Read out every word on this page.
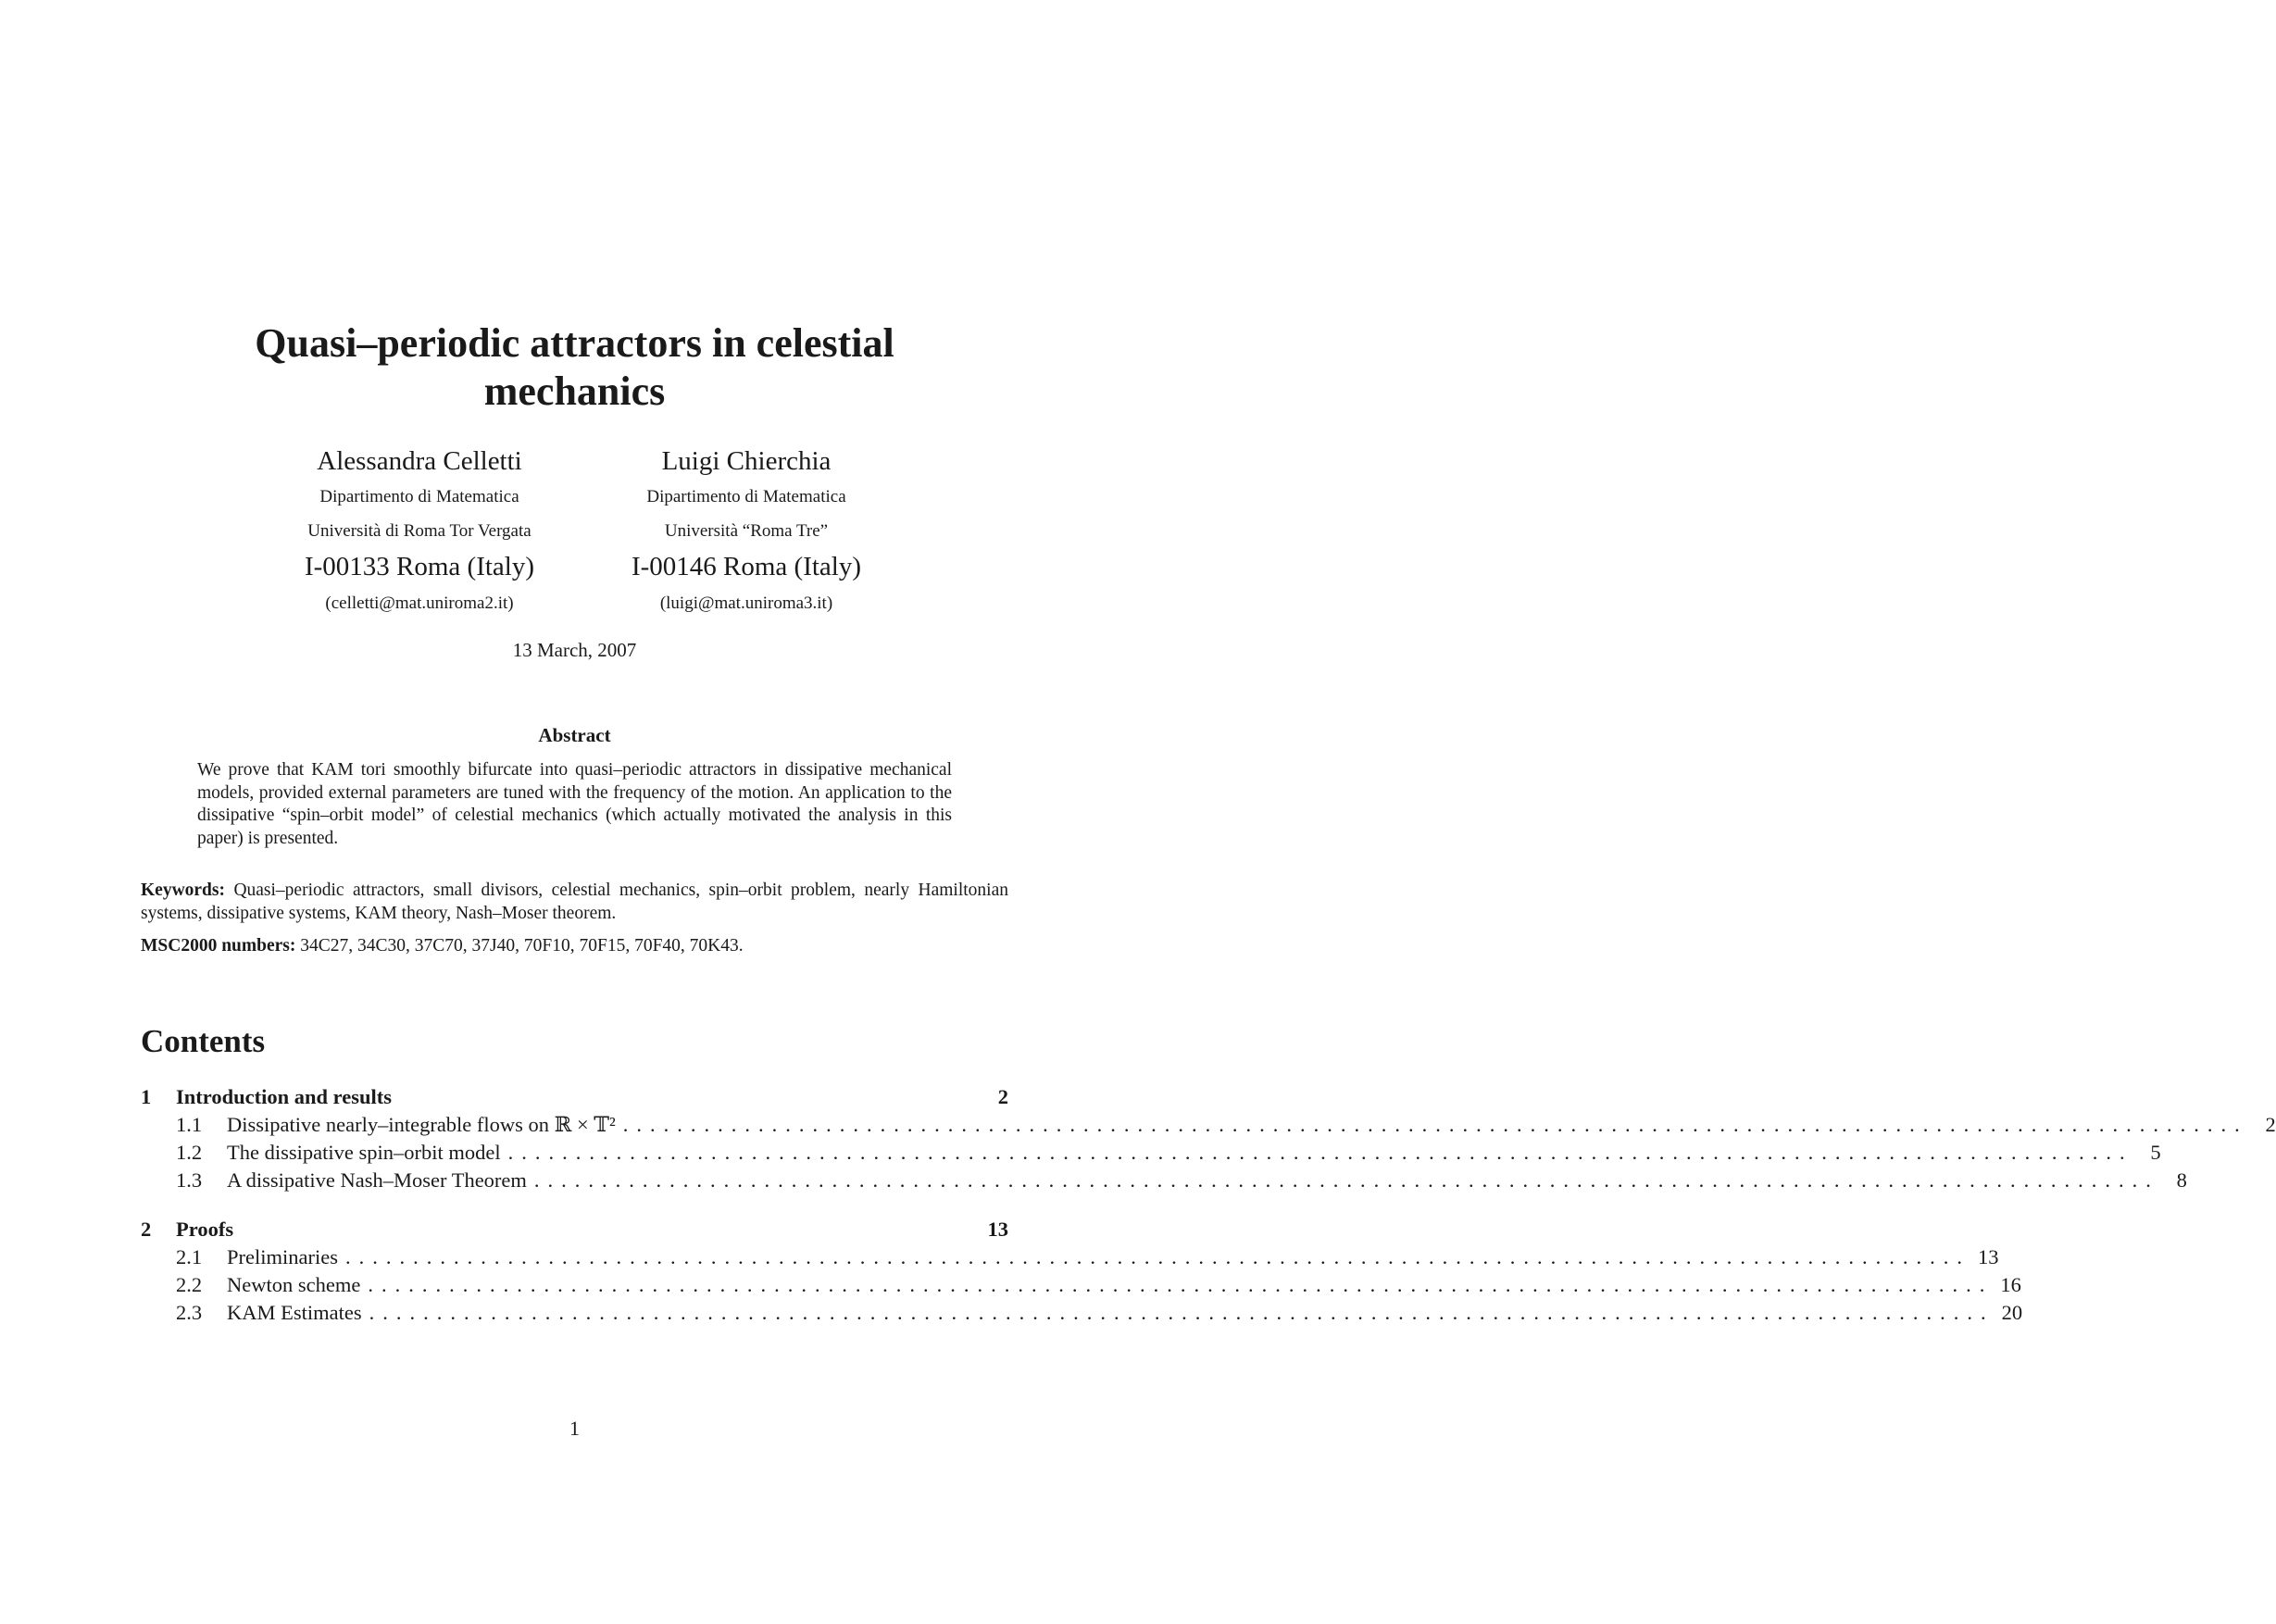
Quasi–periodic attractors in celestial
mechanics
Alessandra Celletti
Dipartimento di Matematica
Università di Roma Tor Vergata
I-00133 Roma (Italy)
(celletti@mat.uniroma2.it)
Luigi Chierchia
Dipartimento di Matematica
Università “Roma Tre”
I-00146 Roma (Italy)
(luigi@mat.uniroma3.it)
13 March, 2007
Abstract
We prove that KAM tori smoothly bifurcate into quasi–periodic attractors in dissipative mechanical models, provided external parameters are tuned with the frequency of the motion. An application to the dissipative “spin–orbit model” of celestial mechanics (which actually motivated the analysis in this paper) is presented.
Keywords: Quasi–periodic attractors, small divisors, celestial mechanics, spin–orbit problem, nearly Hamiltonian systems, dissipative systems, KAM theory, Nash–Moser theorem.
MSC2000 numbers: 34C27, 34C30, 37C70, 37J40, 70F10, 70F15, 70F40, 70K43.
Contents
1 Introduction and results	2
1.1 Dissipative nearly–integrable flows on ℝ × 𝕋² ........................................................................................................................ 2
1.2 The dissipative spin–orbit model ........................................................................................................................ 5
1.3 A dissipative Nash–Moser Theorem ........................................................................................................................ 8
2 Proofs	13
2.1 Preliminaries ........................................................................................................................ 13
2.2 Newton scheme ........................................................................................................................ 16
2.3 KAM Estimates ........................................................................................................................ 20
1
